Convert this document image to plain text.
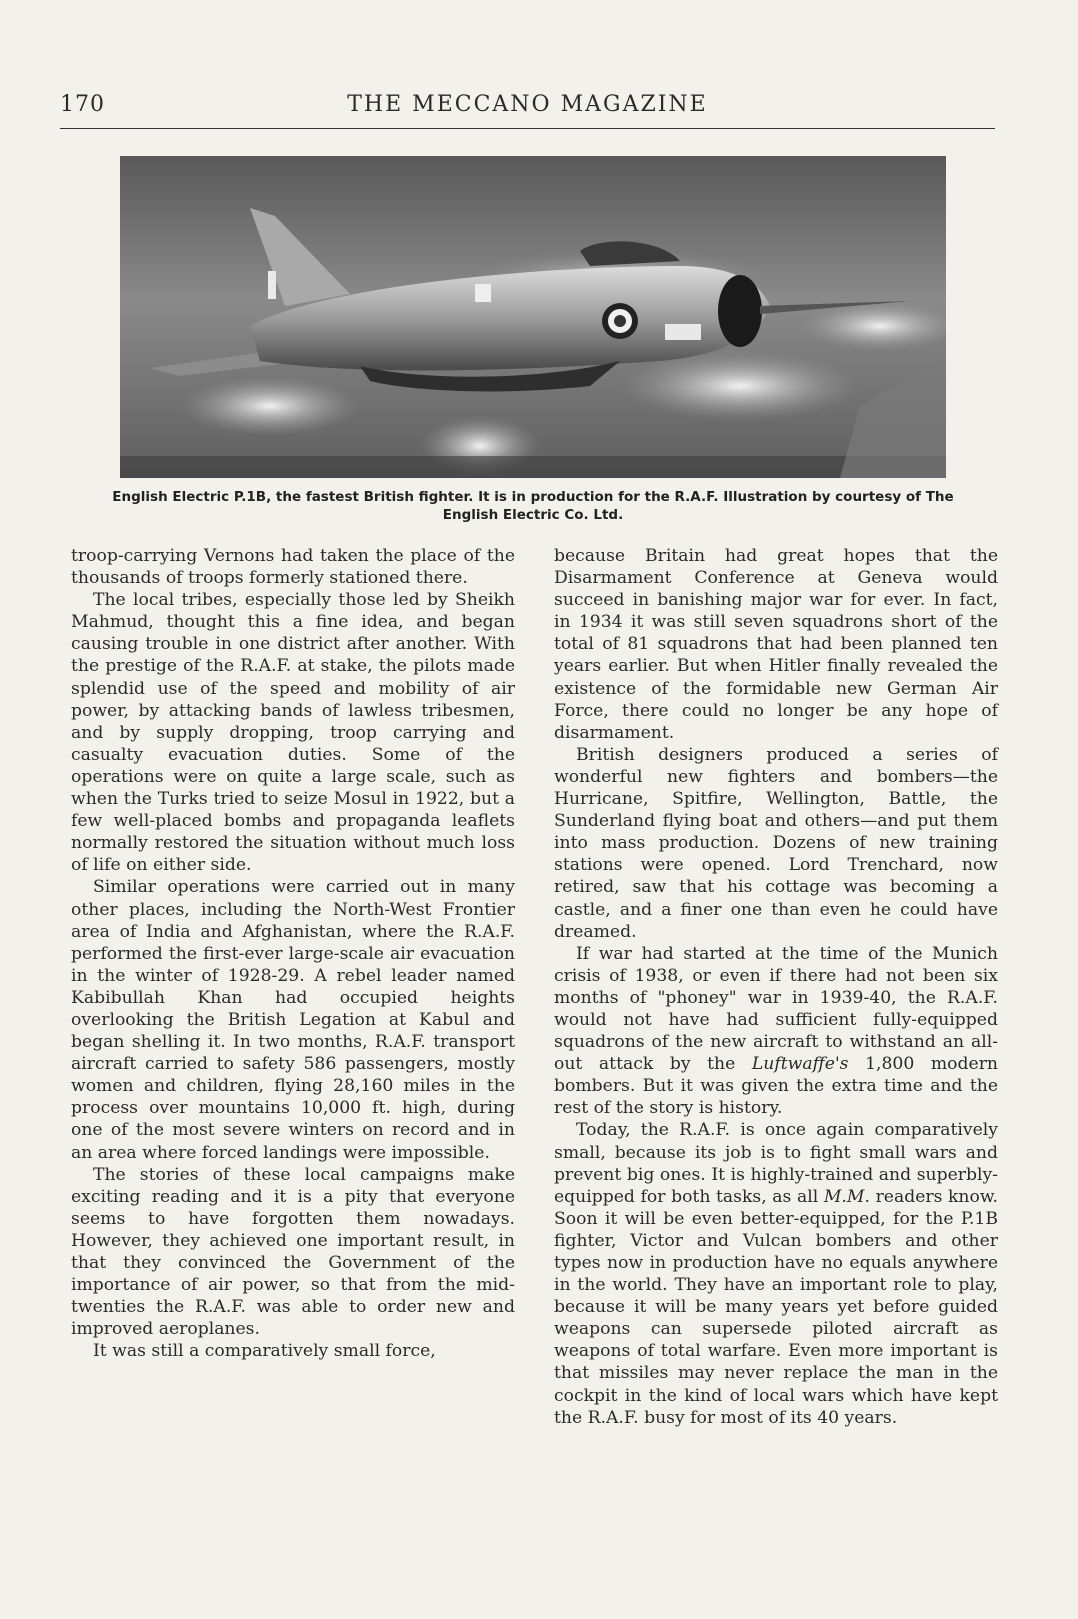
170	THE MECCANO MAGAZINE
English Electric P.1B, the fastest British fighter. It is in production for the R.A.F. Illustration by courtesy of The English Electric Co. Ltd.

troop-carrying Vernons had taken the place of the thousands of troops formerly stationed there.

The local tribes, especially those led by Sheikh Mahmud, thought this a fine idea, and began causing trouble in one district after another. With the prestige of the R.A.F. at stake, the pilots made splendid use of the speed and mobility of air power, by attacking bands of lawless tribesmen, and by supply dropping, troop carrying and casualty evacuation duties. Some of the operations were on quite a large scale, such as when the Turks tried to seize Mosul in 1922, but a few well-placed bombs and propaganda leaflets normally restored the situation without much loss of life on either side.

Similar operations were carried out in many other places, including the North-West Frontier area of India and Afghanistan, where the R.A.F. performed the first-ever large-scale air evacuation in the winter of 1928-29. A rebel leader named Kabibullah Khan had occupied heights overlooking the British Legation at Kabul and began shelling it. In two months, R.A.F. transport aircraft carried to safety 586 passengers, mostly women and children, flying 28,160 miles in the process over mountains 10,000 ft. high, during one of the most severe winters on record and in an area where forced landings were impossible.

The stories of these local campaigns make exciting reading and it is a pity that everyone seems to have forgotten them nowadays. However, they achieved one important result, in that they convinced the Government of the importance of air power, so that from the mid-twenties the R.A.F. was able to order new and improved aeroplanes.

It was still a comparatively small force,

because Britain had great hopes that the Disarmament Conference at Geneva would succeed in banishing major war for ever. In fact, in 1934 it was still seven squadrons short of the total of 81 squadrons that had been planned ten years earlier. But when Hitler finally revealed the existence of the formidable new German Air Force, there could no longer be any hope of disarmament.

British designers produced a series of wonderful new fighters and bombers—the Hurricane, Spitfire, Wellington, Battle, the Sunderland flying boat and others—and put them into mass production. Dozens of new training stations were opened. Lord Trenchard, now retired, saw that his cottage was becoming a castle, and a finer one than even he could have dreamed.

If war had started at the time of the Munich crisis of 1938, or even if there had not been six months of "phoney" war in 1939-40, the R.A.F. would not have had sufficient fully-equipped squadrons of the new aircraft to withstand an all-out attack by the Luftwaffe's 1,800 modern bombers. But it was given the extra time and the rest of the story is history.

Today, the R.A.F. is once again comparatively small, because its job is to fight small wars and prevent big ones. It is highly-trained and superbly-equipped for both tasks, as all M.M. readers know. Soon it will be even better-equipped, for the P.1B fighter, Victor and Vulcan bombers and other types now in production have no equals anywhere in the world. They have an important role to play, because it will be many years yet before guided weapons can supersede piloted aircraft as weapons of total warfare. Even more important is that missiles may never replace the man in the cockpit in the kind of local wars which have kept the R.A.F. busy for most of its 40 years.
